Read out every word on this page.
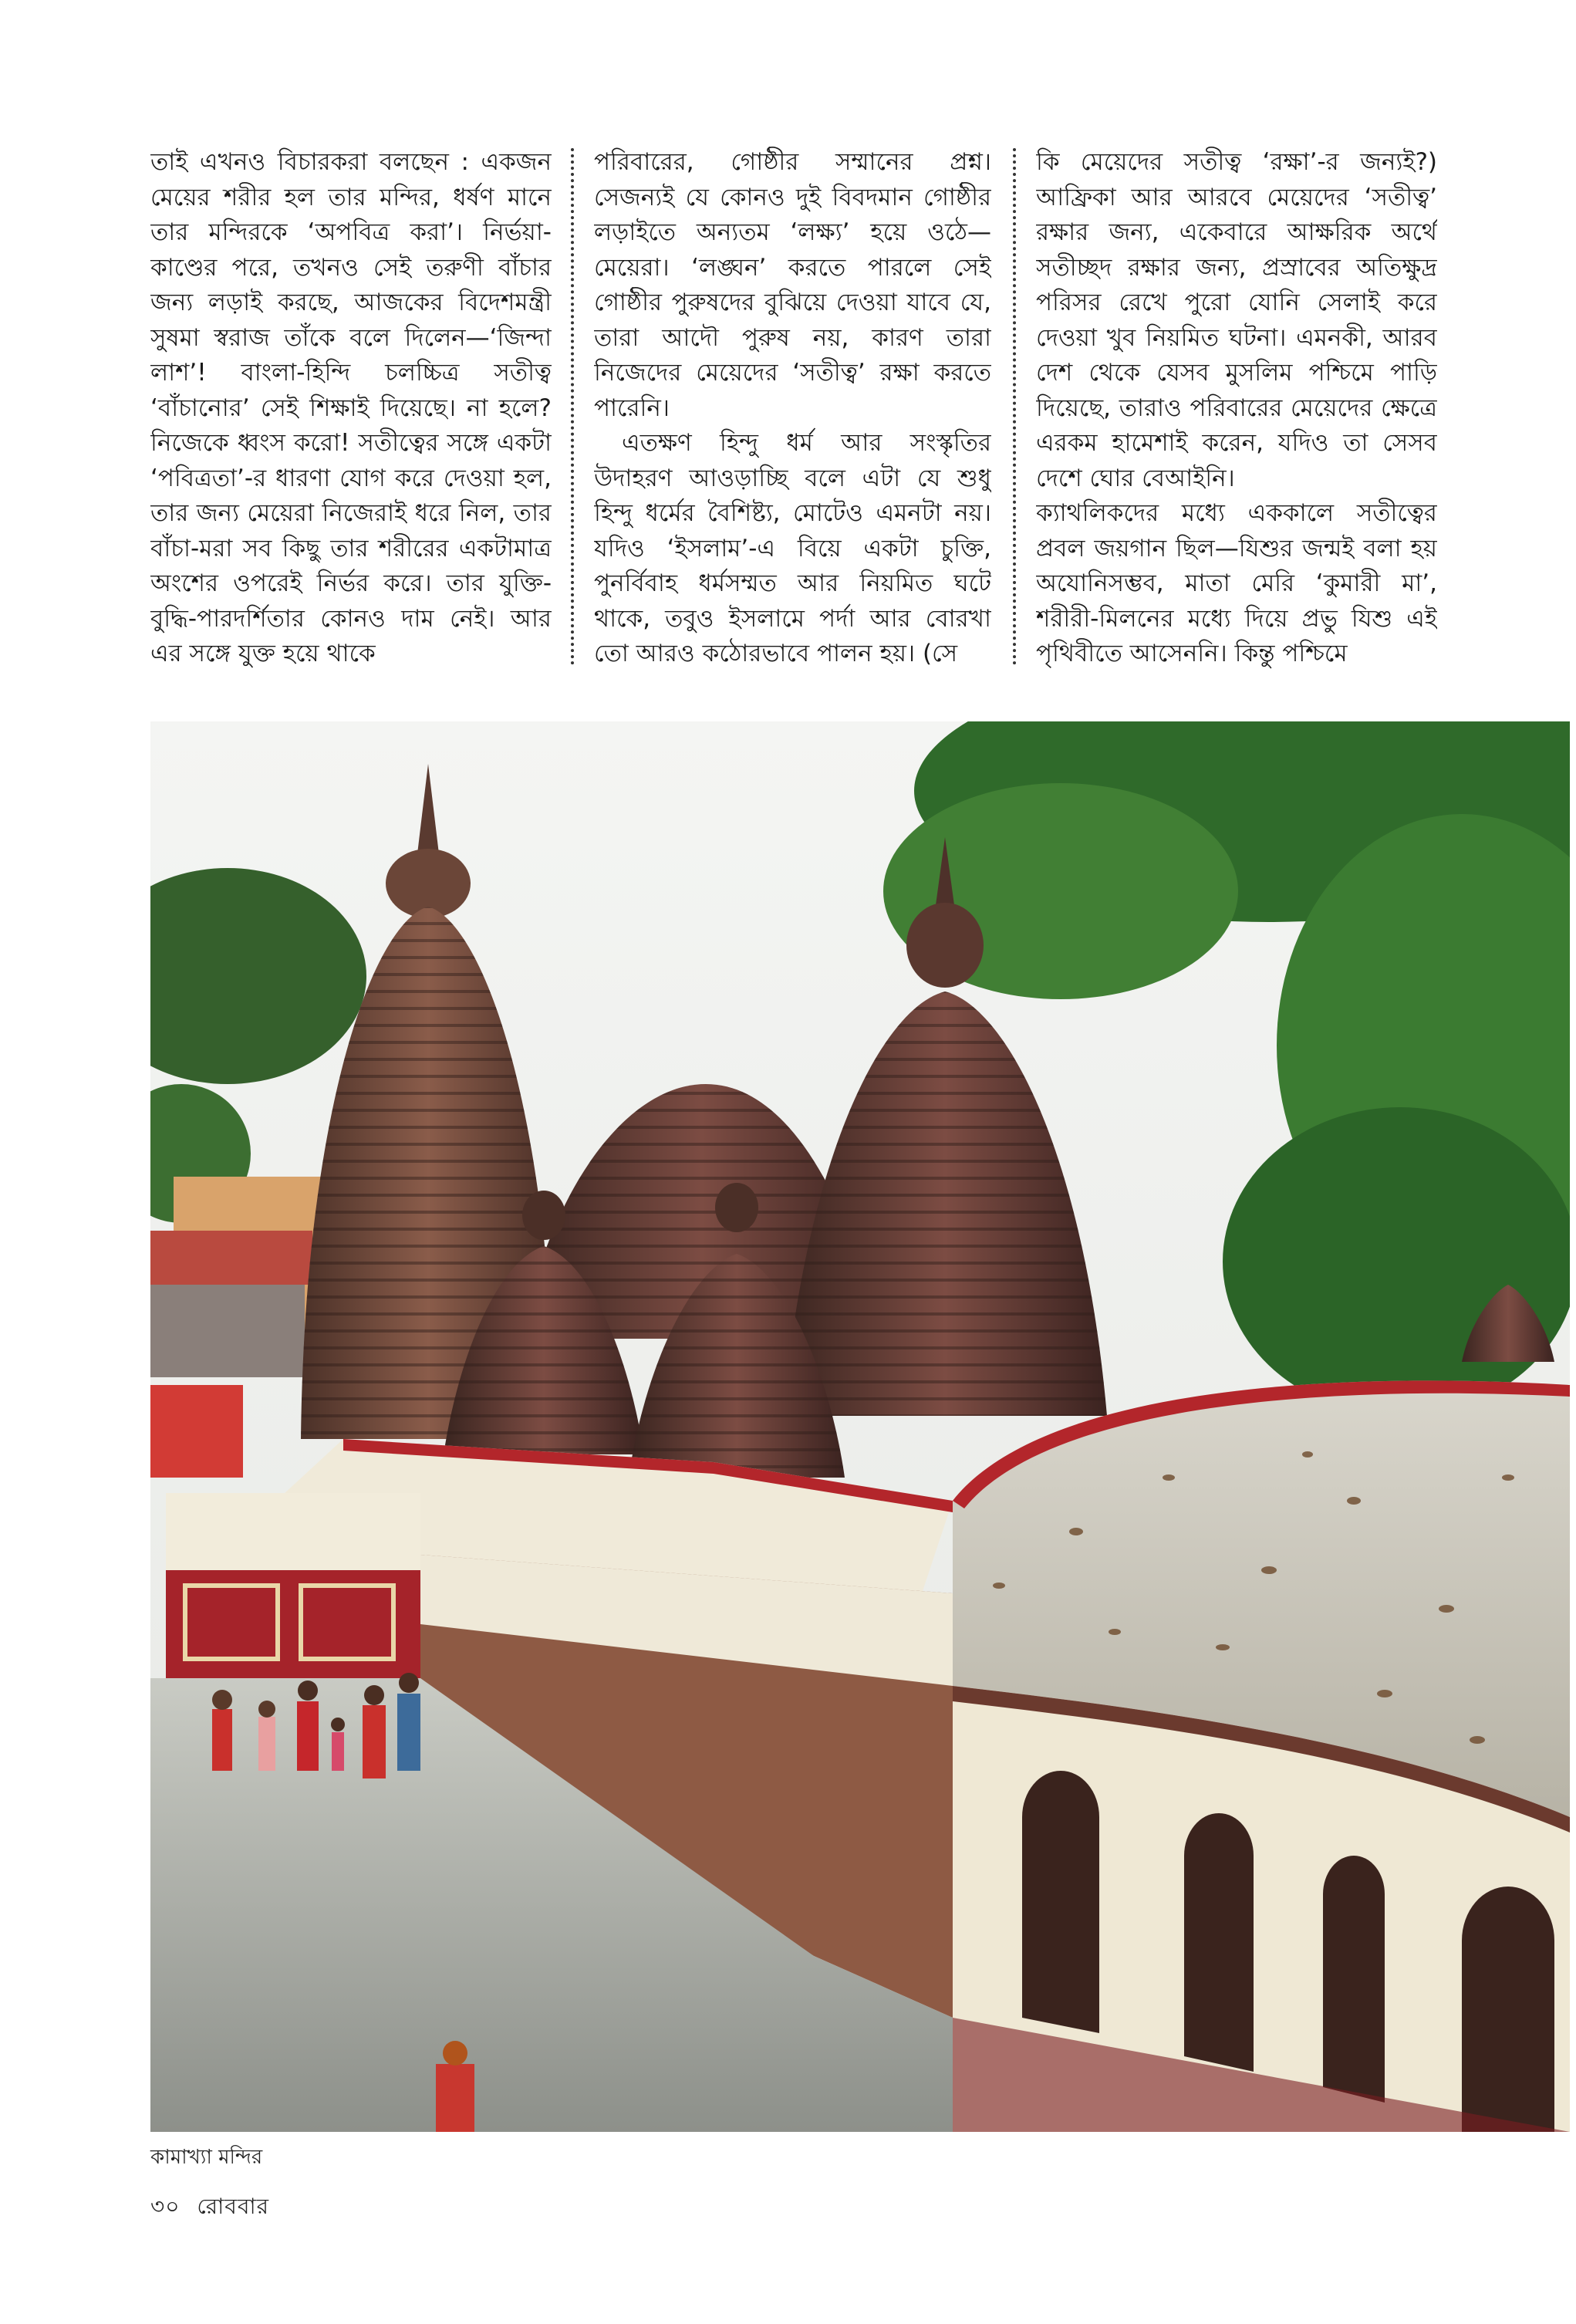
তাই এখনও বিচারকরা বলছেন : একজন মেয়ের শরীর হল তার মন্দির, ধর্ষণ মানে তার মন্দিরকে ‘অপবিত্র করা’। নির্ভয়া-কাণ্ডের পরে, তখনও সেই তরুণী বাঁচার জন্য লড়াই করছে, আজকের বিদেশমন্ত্রী সুষমা স্বরাজ তাঁকে বলে দিলেন—‘জিন্দা লাশ’! বাংলা-হিন্দি চলচ্চিত্র সতীত্ব ‘বাঁচানোর’ সেই শিক্ষাই দিয়েছে। না হলে? নিজেকে ধ্বংস করো! সতীত্বের সঙ্গে একটা ‘পবিত্রতা’-র ধারণা যোগ করে দেওয়া হল, তার জন্য মেয়েরা নিজেরাই ধরে নিল, তার বাঁচা-মরা সব কিছু তার শরীরের একটামাত্র অংশের ওপরেই নির্ভর করে। তার যুক্তি-বুদ্ধি-পারদর্শিতার কোনও দাম নেই। আর এর সঙ্গে যুক্ত হয়ে থাকে

পরিবারের, গোষ্ঠীর সম্মানের প্রশ্ন। সেজন্যই যে কোনও দুই বিবদমান গোষ্ঠীর লড়াইতে অন্যতম ‘লক্ষ্য’ হয়ে ওঠে—মেয়েরা। ‘লঙ্ঘন’ করতে পারলে সেই গোষ্ঠীর পুরুষদের বুঝিয়ে দেওয়া যাবে যে, তারা আদৌ পুরুষ নয়, কারণ তারা নিজেদের মেয়েদের ‘সতীত্ব’ রক্ষা করতে পারেনি।

এতক্ষণ হিন্দু ধর্ম আর সংস্কৃতির উদাহরণ আওড়াচ্ছি বলে এটা যে শুধু হিন্দু ধর্মের বৈশিষ্ট্য, মোটেও এমনটা নয়। যদিও ‘ইসলাম’-এ বিয়ে একটা চুক্তি, পুনর্বিবাহ ধর্মসম্মত আর নিয়মিত ঘটে থাকে, তবুও ইসলামে পর্দা আর বোরখা তো আরও কঠোরভাবে পালন হয়। (সে

কি মেয়েদের সতীত্ব ‘রক্ষা’-র জন্যই?) আফ্রিকা আর আরবে মেয়েদের ‘সতীত্ব’ রক্ষার জন্য, একেবারে আক্ষরিক অর্থে সতীচ্ছদ রক্ষার জন্য, প্রস্রাবের অতিক্ষুদ্র পরিসর রেখে পুরো যোনি সেলাই করে দেওয়া খুব নিয়মিত ঘটনা। এমনকী, আরব দেশ থেকে যেসব মুসলিম পশ্চিমে পাড়ি দিয়েছে, তারাও পরিবারের মেয়েদের ক্ষেত্রে এরকম হামেশাই করেন, যদিও তা সেসব দেশে ঘোর বেআইনি।

ক্যাথলিকদের মধ্যে এককালে সতীত্বের প্রবল জয়গান ছিল—যিশুর জন্মই বলা হয় অযোনিসম্ভব, মাতা মেরি ‘কুমারী মা’, শরীরী-মিলনের মধ্যে দিয়ে প্রভু যিশু এই পৃথিবীতে আসেননি। কিন্তু পশ্চিমে

কামাখ্যা মন্দির
৩০ রোববার
